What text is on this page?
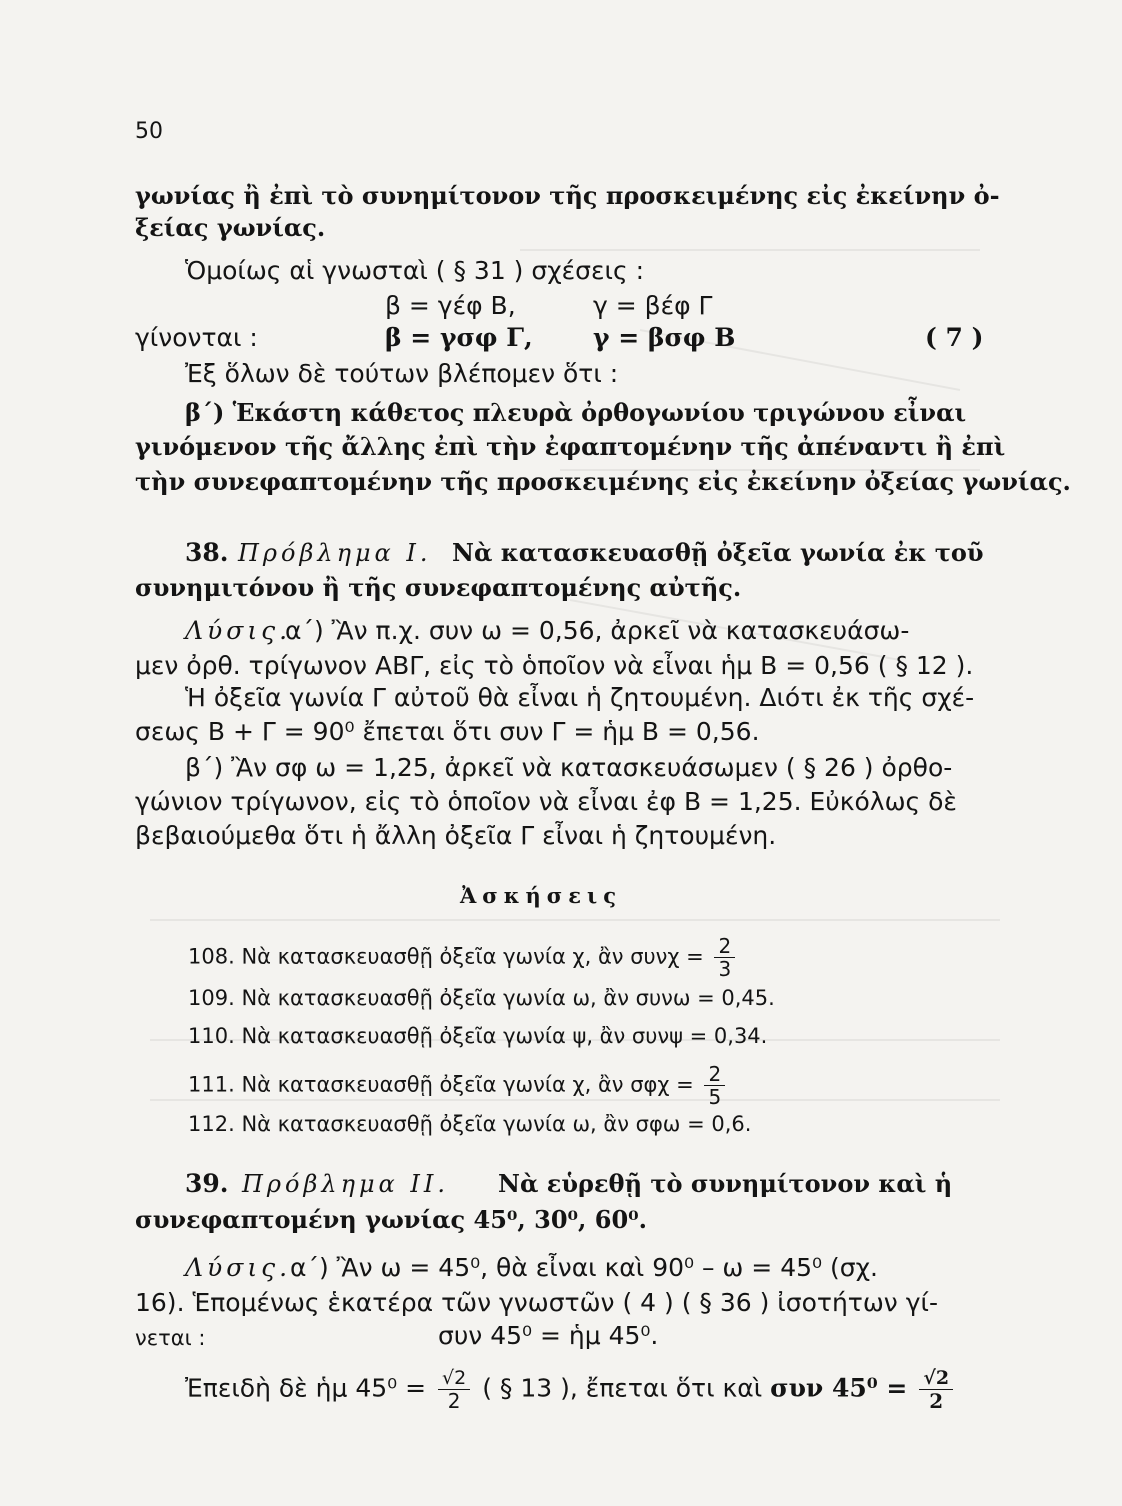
50
γωνίας ἢ ἐπὶ τὸ συνημίτονον τῆς προσκειμένης εἰς ἐκείνην ὀ-
ξείας γωνίας.
Ὁμοίως αἱ γνωσταὶ ( § 31 ) σχέσεις :
β = γέφ Β,	γ = βέφ Γ
γίνονται :	β = γσφ Γ, γ = βσφ Β	( 7 )
Ἐξ ὅλων δὲ τούτων βλέπομεν ὅτι :
β΄) Ἑκάστη κάθετος πλευρὰ ὀρθογωνίου τριγώνου εἶναι
γινόμενον τῆς ἄλλης ἐπὶ τὴν ἐφαπτομένην τῆς ἀπέναντι ἢ ἐπὶ
τὴν συνεφαπτομένην τῆς προσκειμένης εἰς ἐκείνην ὀξείας γωνίας.
38. Πρόβλημα Ι. Νὰ κατασκευασθῇ ὀξεῖα γωνία ἐκ τοῦ
συνημιτόνου ἢ τῆς συνεφαπτομένης αὐτῆς.
Λύσις.
α΄) Ἂν π.χ. συν ω = 0,56, ἀρκεῖ νὰ κατασκευάσω-
μεν ὀρθ. τρίγωνον ΑΒΓ, εἰς τὸ ὁποῖον νὰ εἶναι ἡμ Β = 0,56 ( § 12 ).
Ἡ ὀξεῖα γωνία Γ αὐτοῦ θὰ εἶναι ἡ ζητουμένη. Διότι ἐκ τῆς σχέ-
σεως Β + Γ = 90⁰ ἔπεται ὅτι συν Γ = ἡμ Β = 0,56.
β΄) Ἂν σφ ω = 1,25, ἀρκεῖ νὰ κατασκευάσωμεν ( § 26 ) ὀρθο-
γώνιον τρίγωνον, εἰς τὸ ὁποῖον νὰ εἶναι ἐφ Β = 1,25. Εὐκόλως δὲ
βεβαιούμεθα ὅτι ἡ ἄλλη ὀξεῖα Γ εἶναι ἡ ζητουμένη.
Ἀσκήσεις
108. Νὰ κατασκευασθῇ ὀξεῖα γωνία χ, ἂν $\sigma\upsilon\nu\chi = \frac{2}{3}$
109. Νὰ κατασκευασθῇ ὀξεῖα γωνία ω, ἂν συνω = 0,45.
110. Νὰ κατασκευασθῇ ὀξεῖα γωνία ψ, ἂν συνψ = 0,34.
111. Νὰ κατασκευασθῇ ὀξεῖα γωνία χ, ἂν $\sigma\varphi\chi = \frac{2}{5}$
112. Νὰ κατασκευασθῇ ὀξεῖα γωνία ω, ἂν σφω = 0,6.
39. Πρόβλημα ΙΙ. Νὰ εὑρεθῇ τὸ συνημίτονον καὶ ἡ
συνεφαπτομένη γωνίας 45⁰, 30⁰, 60⁰.
Λύσις.
α΄) Ἂν ω = 45⁰, θὰ εἶναι καὶ 90⁰ – ω = 45⁰ (σχ.
16). Ἑπομένως ἑκατέρα τῶν γνωστῶν ( 4 ) ( § 36 ) ἰσοτήτων γί-
νεται :	συν 45⁰ = ἡμ 45⁰.
Ἐπειδὴ δὲ ἡμ $45^0 = \frac{√2}{2}$ ( § 13 ), ἔπεται ὅτι καὶ συν $45^0 = \frac{√2}{2}$
